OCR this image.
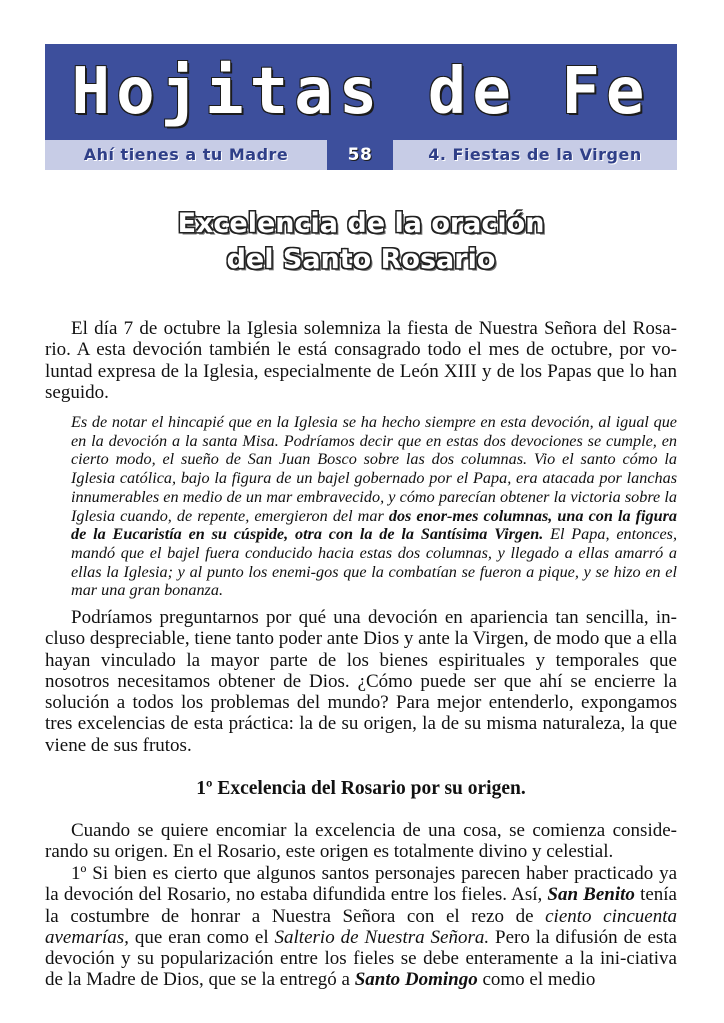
Hojitas de Fe
Ahí tienes a tu Madre	58	4. Fiestas de la Virgen
Excelencia de la oración
del Santo Rosario

El día 7 de octubre la Iglesia solemniza la fiesta de Nuestra Señora del Rosa-rio. A esta devoción también le está consagrado todo el mes de octubre, por vo-luntad expresa de la Iglesia, especialmente de León XIII y de los Papas que lo han seguido.

Es de notar el hincapié que en la Iglesia se ha hecho siempre en esta devoción, al igual que en la devoción a la santa Misa. Podríamos decir que en estas dos devociones se cumple, en cierto modo, el sueño de San Juan Bosco sobre las dos columnas. Vio el santo cómo la Iglesia católica, bajo la figura de un bajel gobernado por el Papa, era atacada por lanchas innumerables en medio de un mar embravecido, y cómo parecían obtener la victoria sobre la Iglesia cuando, de repente, emergieron del mar dos enor-mes columnas, una con la figura de la Eucaristía en su cúspide, otra con la de la Santísima Virgen. El Papa, entonces, mandó que el bajel fuera conducido hacia estas dos columnas, y llegado a ellas amarró a ellas la Iglesia; y al punto los enemi-gos que la combatían se fueron a pique, y se hizo en el mar una gran bonanza.

Podríamos preguntarnos por qué una devoción en apariencia tan sencilla, in-cluso despreciable, tiene tanto poder ante Dios y ante la Virgen, de modo que a ella hayan vinculado la mayor parte de los bienes espirituales y temporales que nosotros necesitamos obtener de Dios. ¿Cómo puede ser que ahí se encierre la solución a todos los problemas del mundo? Para mejor entenderlo, expongamos tres excelencias de esta práctica: la de su origen, la de su misma naturaleza, la que viene de sus frutos.

1º Excelencia del Rosario por su origen.

Cuando se quiere encomiar la excelencia de una cosa, se comienza conside-rando su origen. En el Rosario, este origen es totalmente divino y celestial.

1º Si bien es cierto que algunos santos personajes parecen haber practicado ya la devoción del Rosario, no estaba difundida entre los fieles. Así, San Benito tenía la costumbre de honrar a Nuestra Señora con el rezo de ciento cincuenta avemarías, que eran como el Salterio de Nuestra Señora. Pero la difusión de esta devoción y su popularización entre los fieles se debe enteramente a la ini-ciativa de la Madre de Dios, que se la entregó a Santo Domingo como el medio
